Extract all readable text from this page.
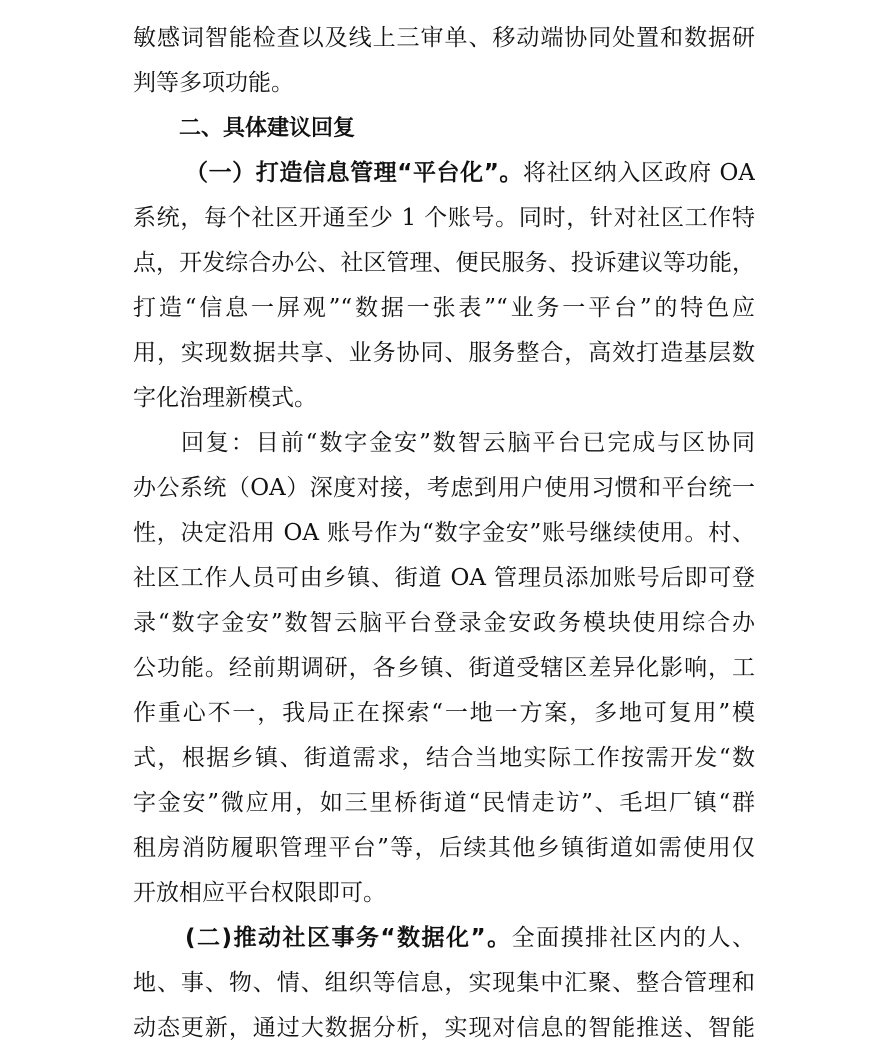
敏感词智能检查以及线上三审单、移动端协同处置和数据研
判等多项功能。
二、具体建议回复
（一）打造信息管理“平台化”。将社区纳入区政府 OA
系统，每个社区开通至少 1 个账号。同时，针对社区工作特
点，开发综合办公、社区管理、便民服务、投诉建议等功能，
打造“信息一屏观”“数据一张表”“业务一平台”的特色应
用，实现数据共享、业务协同、服务整合，高效打造基层数
字化治理新模式。
回复：目前“数字金安”数智云脑平台已完成与区协同
办公系统（OA）深度对接，考虑到用户使用习惯和平台统一
性，决定沿用 OA 账号作为“数字金安”账号继续使用。村、
社区工作人员可由乡镇、街道 OA 管理员添加账号后即可登
录“数字金安”数智云脑平台登录金安政务模块使用综合办
公功能。经前期调研，各乡镇、街道受辖区差异化影响，工
作重心不一，我局正在探索“一地一方案，多地可复用”模
式，根据乡镇、街道需求，结合当地实际工作按需开发“数
字金安”微应用，如三里桥街道“民情走访”、毛坦厂镇“群
租房消防履职管理平台”等，后续其他乡镇街道如需使用仅
开放相应平台权限即可。
(二)推动社区事务“数据化”。全面摸排社区内的人、
地、事、物、情、组织等信息，实现集中汇聚、整合管理和
动态更新，通过大数据分析，实现对信息的智能推送、智能
